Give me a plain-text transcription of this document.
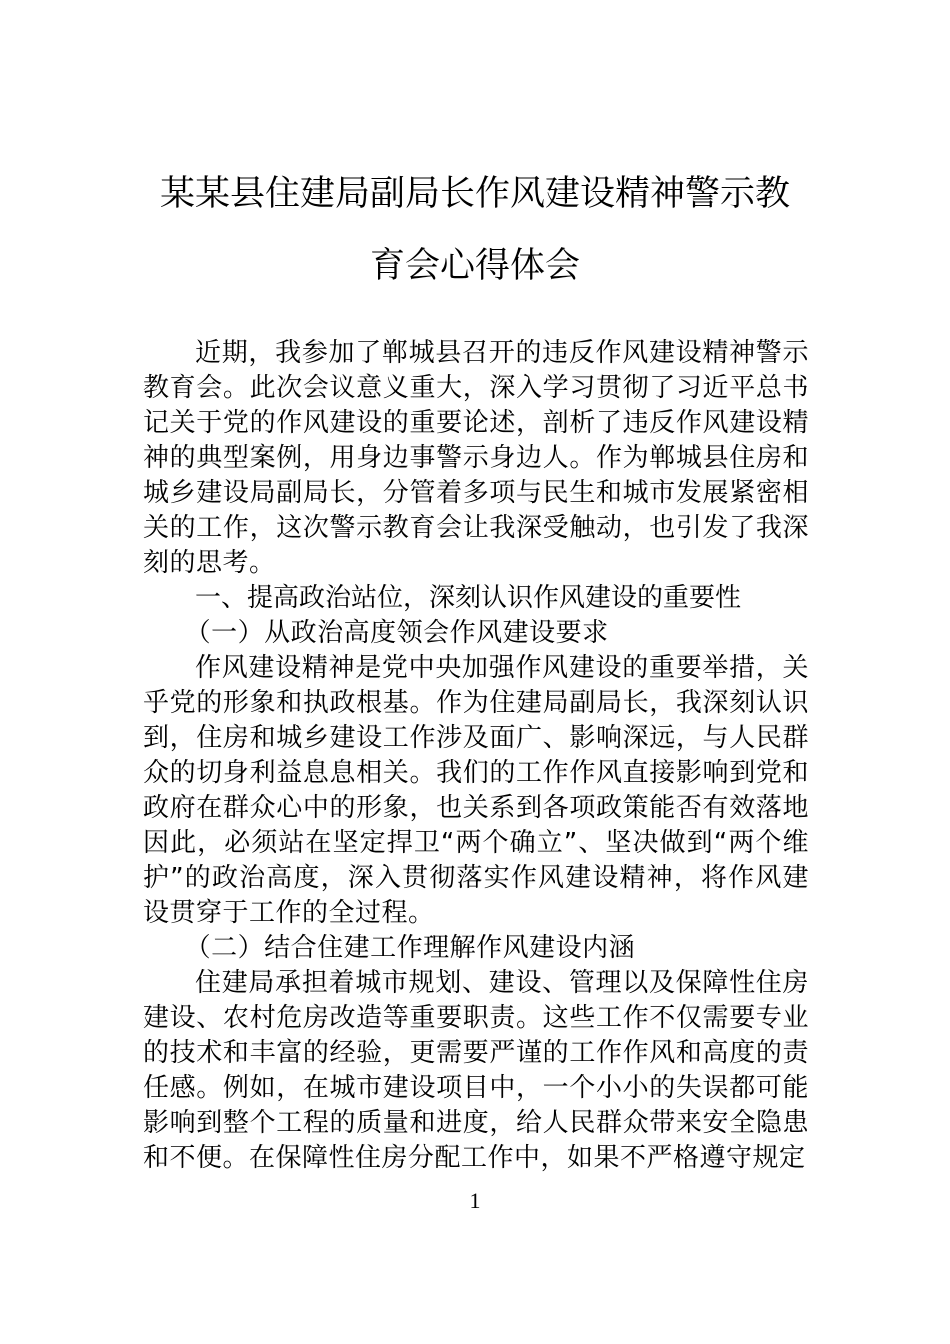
某某县住建局副局长作风建设精神警示教
育会心得体会

近期，我参加了郸城县召开的违反作风建设精神警示教育会。此次会议意义重大，深入学习贯彻了习近平总书记关于党的作风建设的重要论述，剖析了违反作风建设精神的典型案例，用身边事警示身边人。作为郸城县住房和城乡建设局副局长，分管着多项与民生和城市发展紧密相关的工作，这次警示教育会让我深受触动，也引发了我深刻的思考。

一、提高政治站位，深刻认识作风建设的重要性

（一）从政治高度领会作风建设要求

作风建设精神是党中央加强作风建设的重要举措，关乎党的形象和执政根基。作为住建局副局长，我深刻认识到，住房和城乡建设工作涉及面广、影响深远，与人民群众的切身利益息息相关。我们的工作作风直接影响到党和政府在群众心中的形象，也关系到各项政策能否有效落地因此，必须站在坚定捍卫“两个确立”、坚决做到“两个维护”的政治高度，深入贯彻落实作风建设精神，将作风建设贯穿于工作的全过程。

（二）结合住建工作理解作风建设内涵

住建局承担着城市规划、建设、管理以及保障性住房建设、农村危房改造等重要职责。这些工作不仅需要专业的技术和丰富的经验，更需要严谨的工作作风和高度的责任感。例如，在城市建设项目中，一个小小的失误都可能影响到整个工程的质量和进度，给人民群众带来安全隐患和不便。在保障性住房分配工作中，如果不严格遵守规定

1
